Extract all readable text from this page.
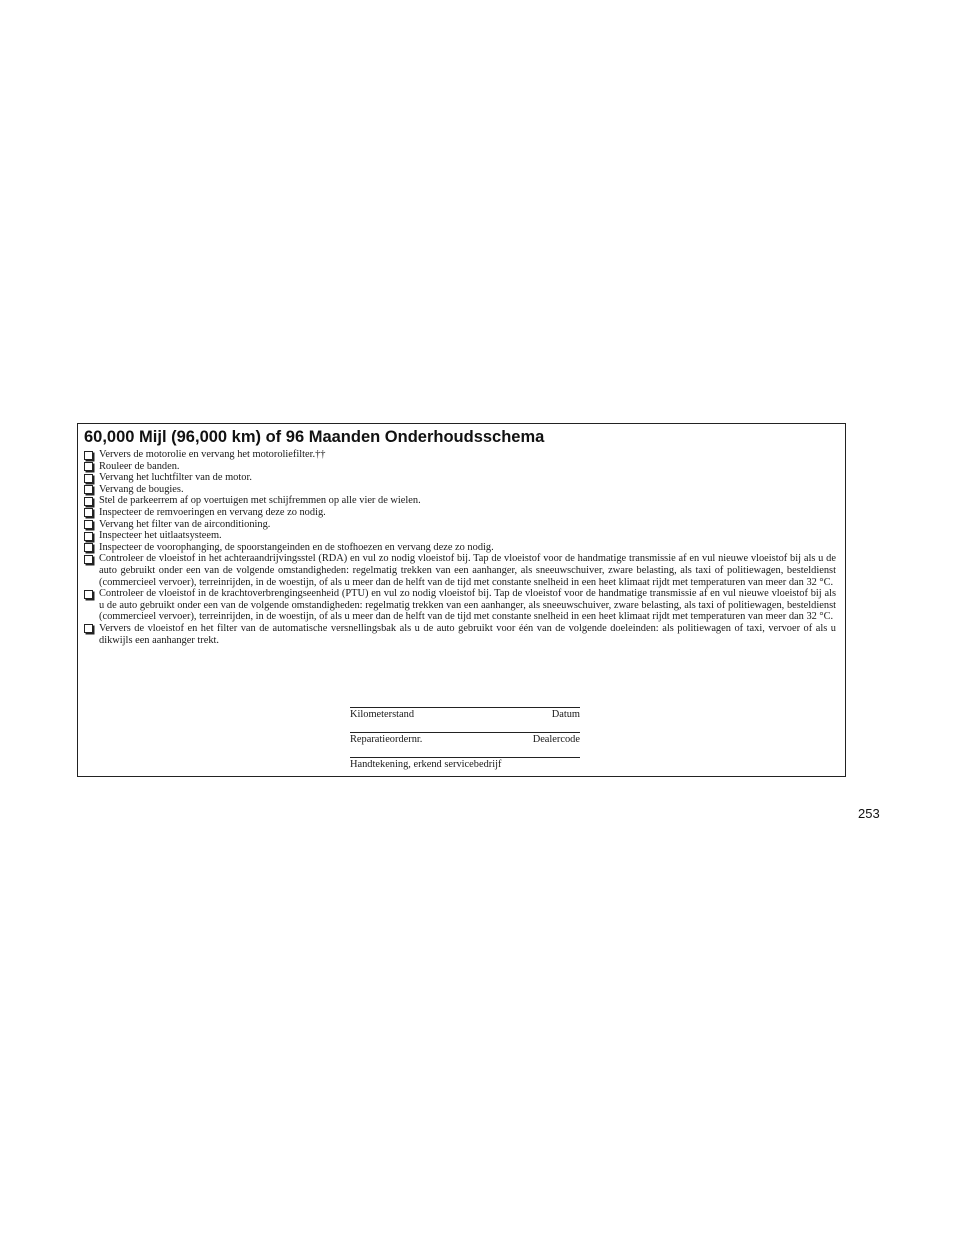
60,000 Mijl (96,000 km) of 96 Maanden Onderhoudsschema
Ververs de motorolie en vervang het motoroliefilter.††
Rouleer de banden.
Vervang het luchtfilter van de motor.
Vervang de bougies.
Stel de parkeerrem af op voertuigen met schijfremmen op alle vier de wielen.
Inspecteer de remvoeringen en vervang deze zo nodig.
Vervang het filter van de airconditioning.
Inspecteer het uitlaatsysteem.
Inspecteer de voorophanging, de spoorstangeinden en de stofhoezen en vervang deze zo nodig.
Controleer de vloeistof in het achteraandrijvingsstel (RDA) en vul zo nodig vloeistof bij. Tap de vloeistof voor de handmatige transmissie af en vul nieuwe vloeistof bij als u de auto gebruikt onder een van de volgende omstandigheden: regelmatig trekken van een aanhanger, als sneeuwschuiver, zware belasting, als taxi of politiewagen, besteldienst (commercieel vervoer), terreinrijden, in de woestijn, of als u meer dan de helft van de tijd met constante snelheid in een heet klimaat rijdt met temperaturen van meer dan 32 °C.
Controleer de vloeistof in de krachtoverbrengingseenheid (PTU) en vul zo nodig vloeistof bij. Tap de vloeistof voor de handmatige transmissie af en vul nieuwe vloeistof bij als u de auto gebruikt onder een van de volgende omstandigheden: regelmatig trekken van een aanhanger, als sneeuwschuiver, zware belasting, als taxi of politiewagen, besteldienst (commercieel vervoer), terreinrijden, in de woestijn, of als u meer dan de helft van de tijd met constante snelheid in een heet klimaat rijdt met temperaturen van meer dan 32 °C.
Ververs de vloeistof en het filter van de automatische versnellingsbak als u de auto gebruikt voor één van de volgende doeleinden: als politiewagen of taxi, vervoer of als u dikwijls een aanhanger trekt.
Kilometerstand	Datum
Reparatieordernr.	Dealercode
Handtekening, erkend servicebedrijf
253
